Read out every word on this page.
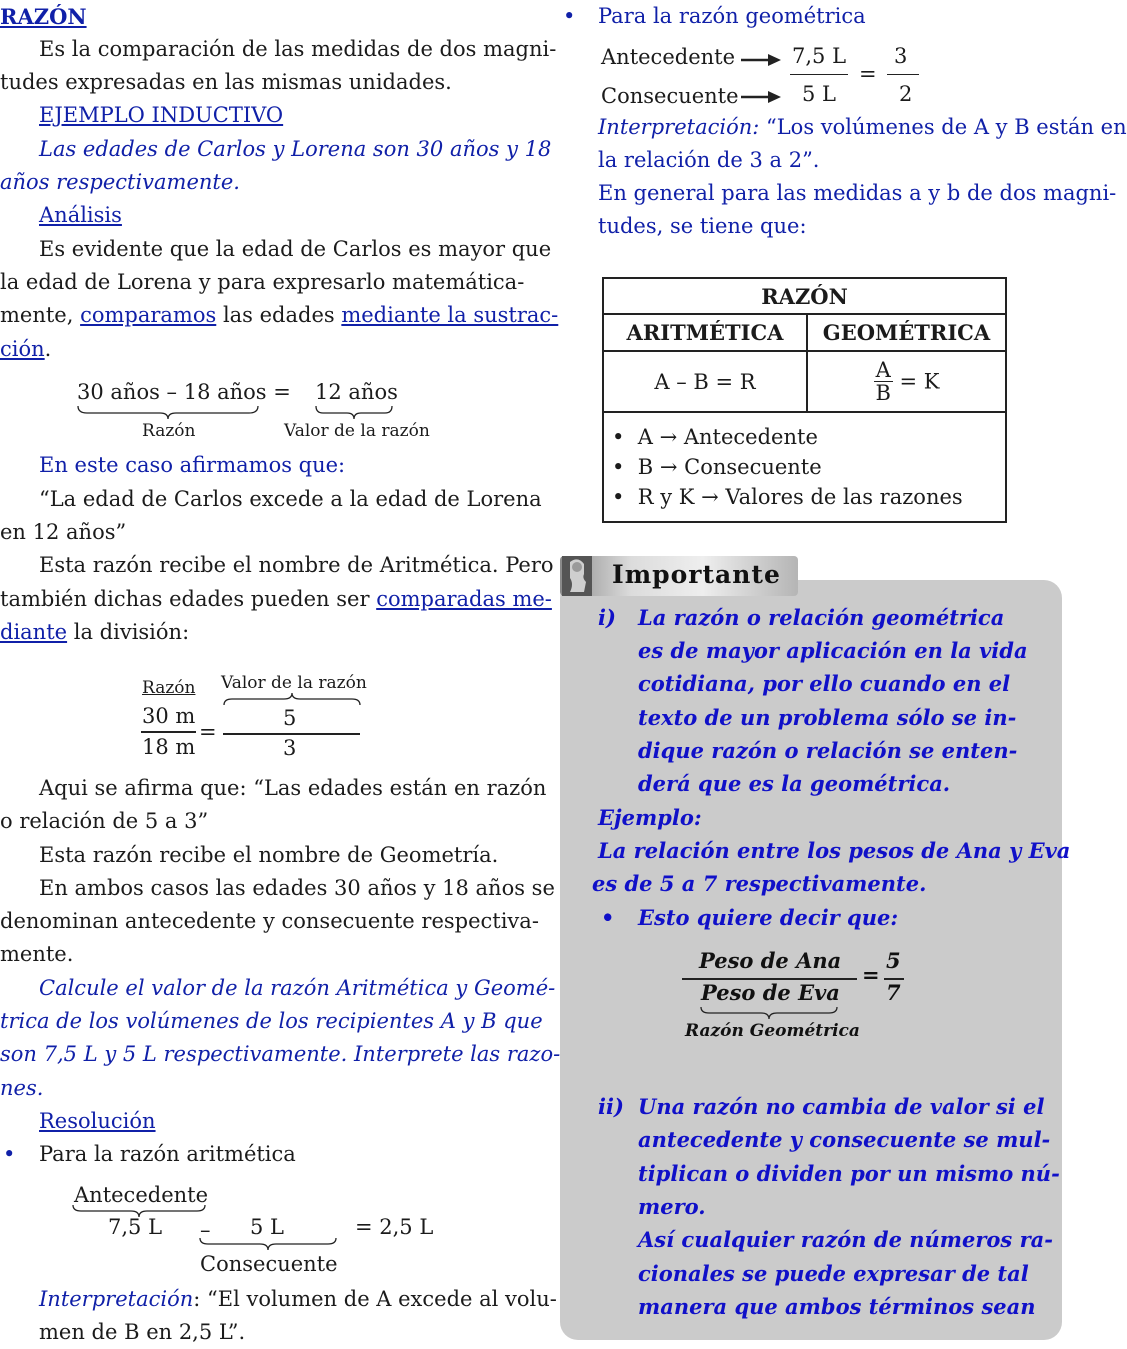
RAZÓN
Es la comparación de las medidas de dos magni-
tudes expresadas en las mismas unidades.
EJEMPLO INDUCTIVO
Las edades de Carlos y Lorena son 30 años y 18
años respectivamente.
Análisis
Es evidente que la edad de Carlos es mayor que
la edad de Lorena y para expresarlo matemática-
mente, comparamos las edades mediante la sustrac-
ción.
30 años – 18 años = 12 años
Razón	Valor de la razón
En este caso afirmamos que:
“La edad de Carlos excede a la edad de Lorena
en 12 años”
Esta razón recibe el nombre de Aritmética. Pero
también dichas edades pueden ser comparadas me-
diante la división:
Razón
30 m
18 m
=
Valor de la razón
5
3
Aqui se afirma que: “Las edades están en razón
o relación de 5 a 3”
Esta razón recibe el nombre de Geometría.
En ambos casos las edades 30 años y 18 años se
denominan antecedente y consecuente respectiva-
mente.
Calcule el valor de la razón Aritmética y Geomé-
trica de los volúmenes de los recipientes A y B que
son 7,5 L y 5 L respectivamente. Interprete las razo-
nes.
Resolución
• Para la razón aritmética
Antecedente
7,5 L – 5 L
Consecuente
= 2,5 L
Interpretación: “El volumen de A excede al volu-
men de B en 2,5 L”.
• Para la razón geométrica
Antecedente
Consecuente
7,5 L
5 L
=
3
2
Interpretación: “Los volúmenes de A y B están en
la relación de 3 a 2”.
En general para las medidas a y b de dos magni-
tudes, se tiene que:
RAZÓN	
ARITMÉTICA	GEOMÉTRICA
A – B = R	$\frac{A}{B} = K$

•  A → Antecedente
•  B → Consecuente
•  R y K → Valores de las razones	
Importante
i) La razón o relación geométrica
es de mayor aplicación en la vida
cotidiana, por ello cuando en el
texto de un problema sólo se in-
dique razón o relación se enten-
derá que es la geométrica.
Ejemplo:
La relación entre los pesos de Ana y Eva
es de 5 a 7 respectivamente.
• Esto quiere decir que:
Peso de Ana
Peso de Eva
=
5
7
Razón Geométrica
ii) Una razón no cambia de valor si el
antecedente y consecuente se mul-
tiplican o dividen por un mismo nú-
mero.
Así cualquier razón de números ra-
cionales se puede expresar de tal
manera que ambos términos sean
